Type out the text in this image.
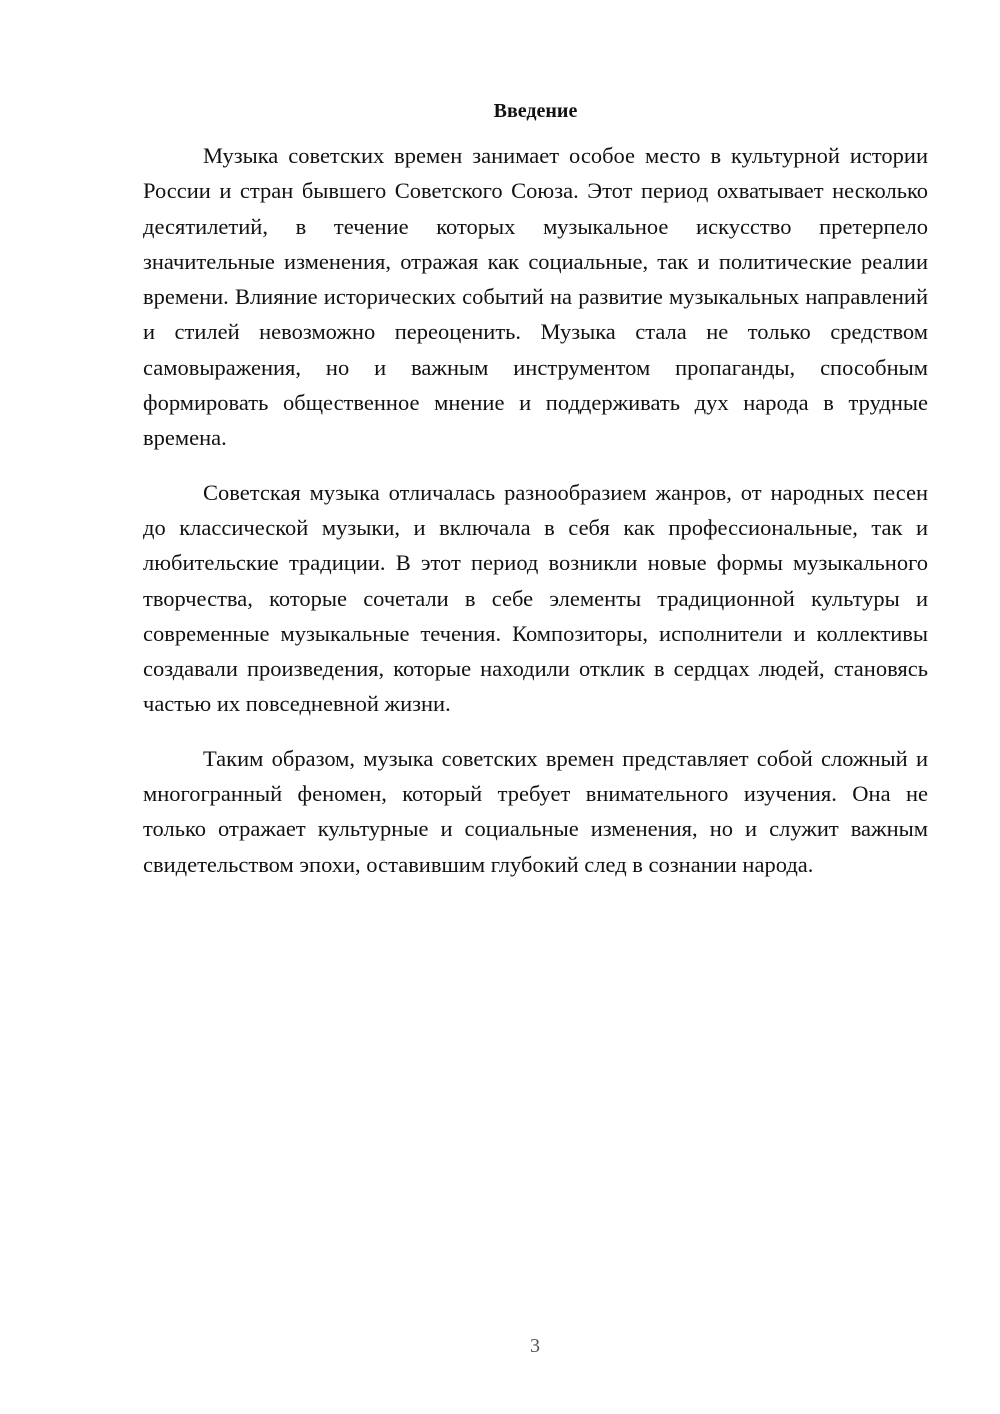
Введение

Музыка советских времен занимает особое место в культурной истории России и стран бывшего Советского Союза. Этот период охватывает несколько десятилетий, в течение которых музыкальное искусство претерпело значительные изменения, отражая как социальные, так и политические реалии времени. Влияние исторических событий на развитие музыкальных направлений и стилей невозможно переоценить. Музыка стала не только средством самовыражения, но и важным инструментом пропаганды, способным формировать общественное мнение и поддерживать дух народа в трудные времена.

Советская музыка отличалась разнообразием жанров, от народных песен до классической музыки, и включала в себя как профессиональные, так и любительские традиции. В этот период возникли новые формы музыкального творчества, которые сочетали в себе элементы традиционной культуры и современные музыкальные течения. Композиторы, исполнители и коллективы создавали произведения, которые находили отклик в сердцах людей, становясь частью их повседневной жизни.

Таким образом, музыка советских времен представляет собой сложный и многогранный феномен, который требует внимательного изучения. Она не только отражает культурные и социальные изменения, но и служит важным свидетельством эпохи, оставившим глубокий след в сознании народа.

3
